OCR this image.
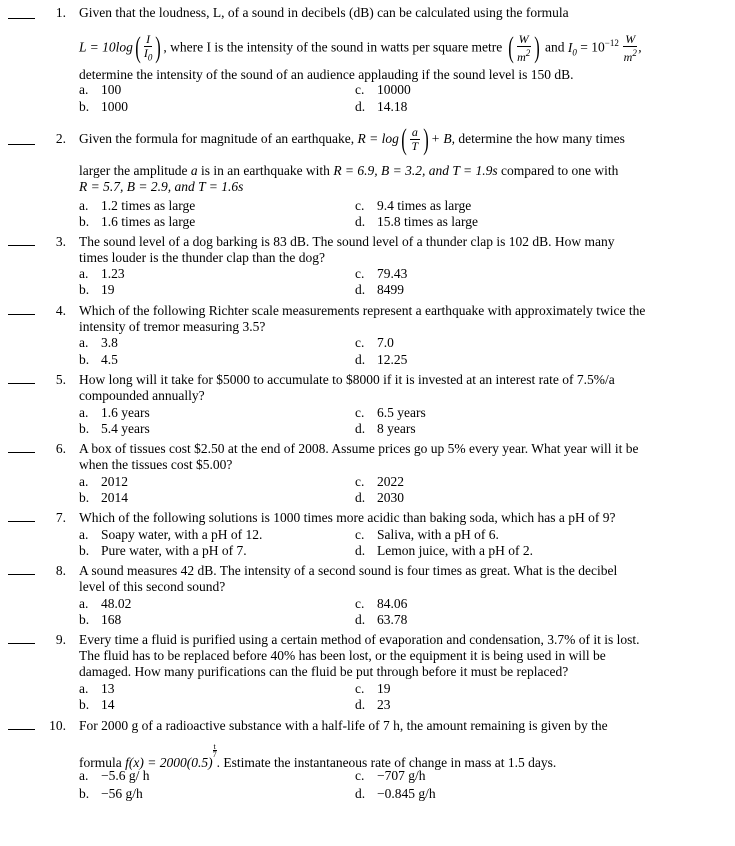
1. Given that the loudness, L, of a sound in decibels (dB) can be calculated using the formula
$L = 10\log( \frac{I}{I_0}$ ) , where I is the intensity of the sound in watts per square metre ( $\frac{W}{m^2}$ ) and $I_0 = 10^{-12} \frac{W}{m^2}$ ,
determine the intensity of the sound of an audience applauding if the sound level is 150 dB.
a. 100
b. 1000
c. 10000
d. 14.18
2. Given the formula for magnitude of an earthquake, $R = \log( \frac{a}{T}$ ) + B, determine the how many times
larger the amplitude a is in an earthquake with R = 6.9, B = 3.2, and T = 1.9s compared to one with
R = 5.7, B = 2.9, and T = 1.6s
a. 1.2 times as large
b. 1.6 times as large
c. 9.4 times as large
d. 15.8 times as large
3. The sound level of a dog barking is 83 dB. The sound level of a thunder clap is 102 dB. How many
times louder is the thunder clap than the dog?
a. 1.23
b. 19
c. 79.43
d. 8499
4. Which of the following Richter scale measurements represent a earthquake with approximately twice the
intensity of tremor measuring 3.5?
a. 3.8
b. 4.5
c. 7.0
d. 12.25
5. How long will it take for $5000 to accumulate to $8000 if it is invested at an interest rate of 7.5%/a
compounded annually?
a. 1.6 years
b. 5.4 years
c. 6.5 years
d. 8 years
6. A box of tissues cost $2.50 at the end of 2008. Assume prices go up 5% every year. What year will it be
when the tissues cost $5.00?
a. 2012
b. 2014
c. 2022
d. 2030
7. Which of the following solutions is 1000 times more acidic than baking soda, which has a pH of 9?
a. Soapy water, with a pH of 12.
b. Pure water, with a pH of 7.
c. Saliva, with a pH of 6.
d. Lemon juice, with a pH of 2.
8. A sound measures 42 dB. The intensity of a second sound is four times as great. What is the decibel
level of this second sound?
a. 48.02
b. 168
c. 84.06
d. 63.78
9. Every time a fluid is purified using a certain method of evaporation and condensation, 3.7% of it is lost.
The fluid has to be replaced before 40% has been lost, or the equipment it is being used in will be
damaged. How many purifications can the fluid be put through before it must be replaced?
a. 13
b. 14
c. 19
d. 23
10. For 2000 g of a radioactive substance with a half-life of 7 h, the amount remaining is given by the
formula f(x) = 2000(0.5)
$^{\frac{t}{7}}$
. Estimate the instantaneous rate of change in mass at 1.5 days.
a. −5.6 g/ h
b. −56 g/h
c. −707 g/h
d. −0.845 g/h
